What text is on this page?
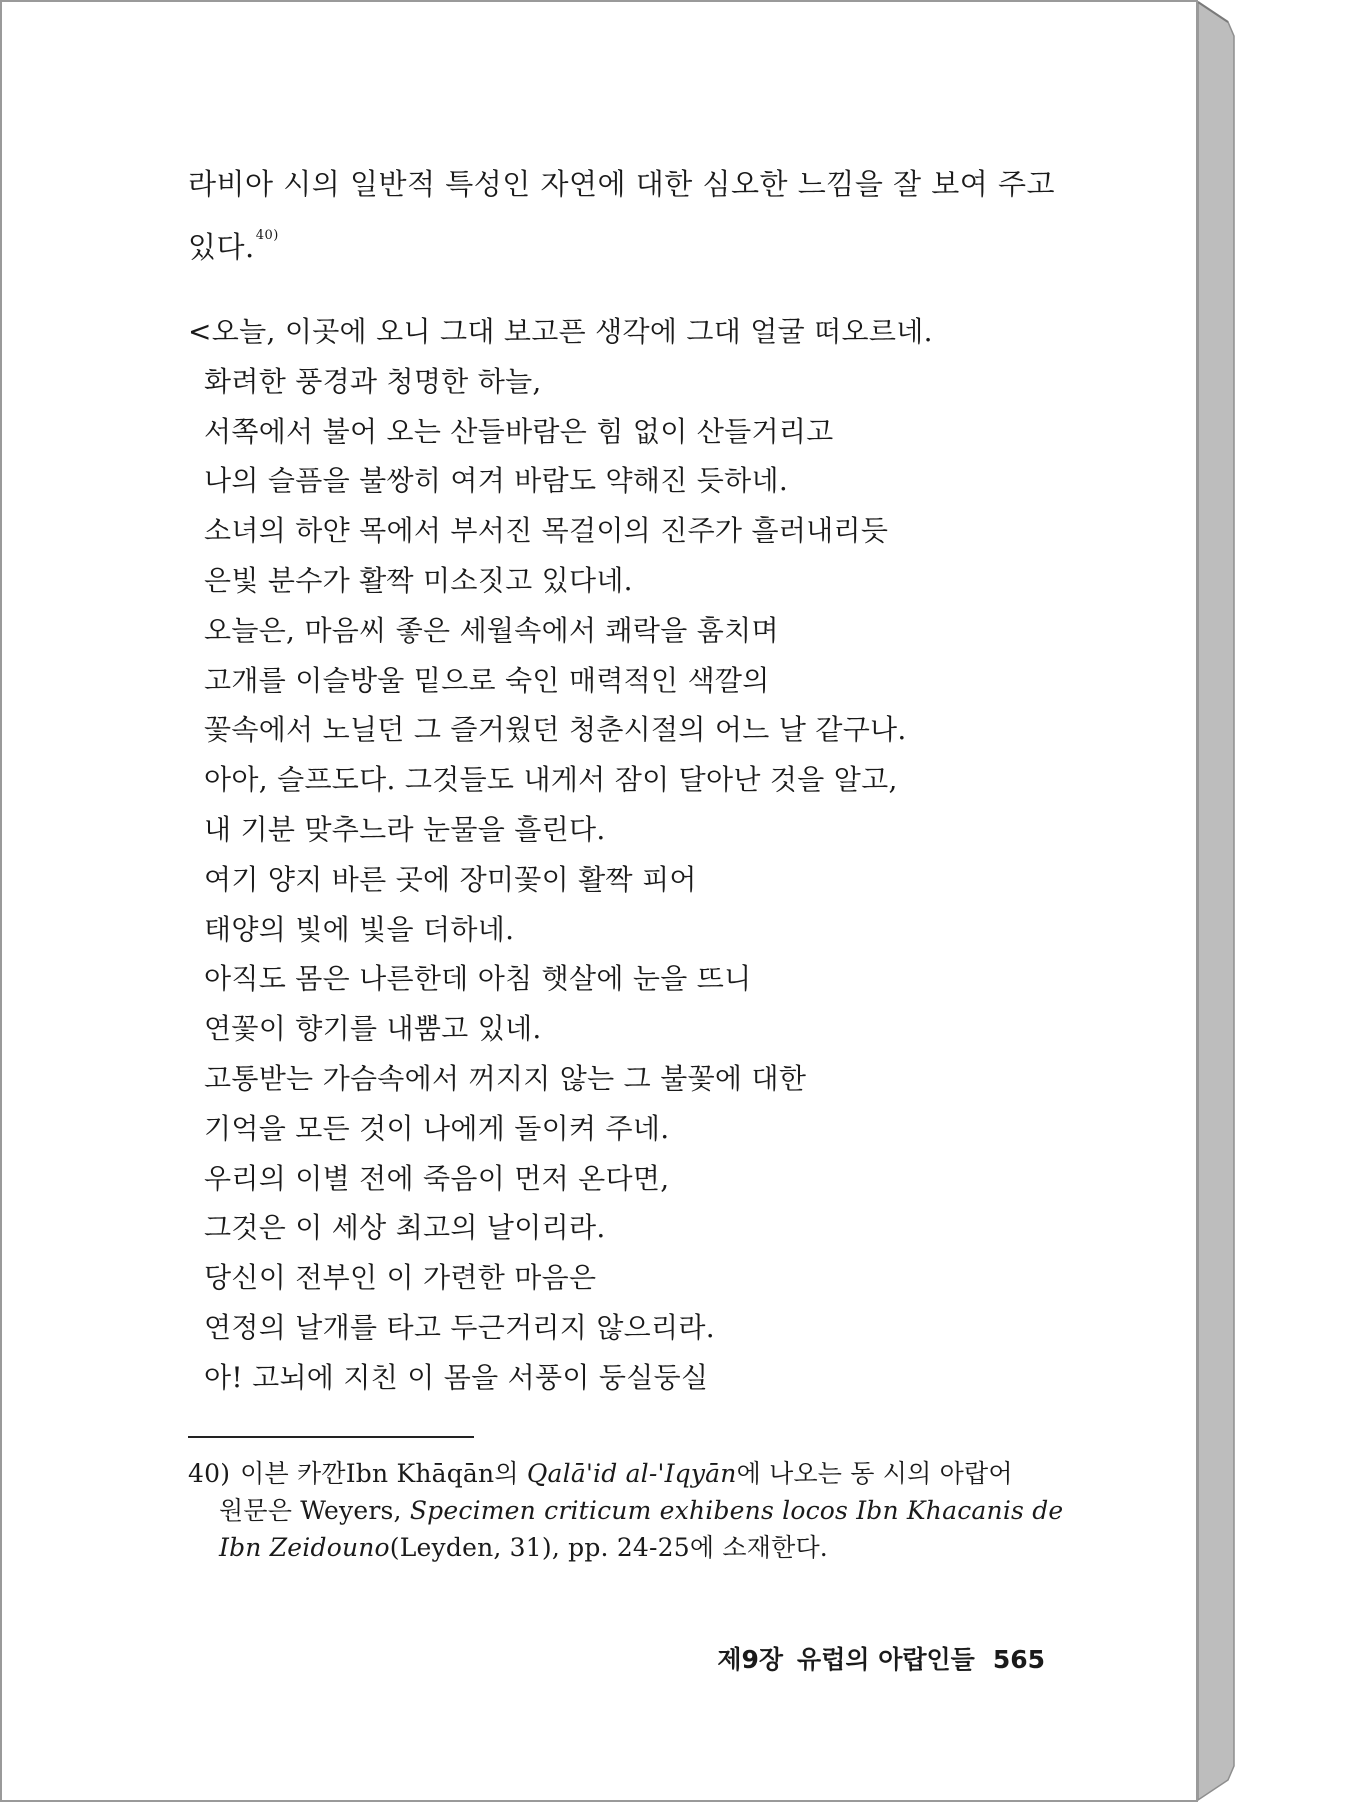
라비아 시의 일반적 특성인 자연에 대한 심오한 느낌을 잘 보여 주고
있다.$^{40)}$
<오늘, 이곳에 오니 그대 보고픈 생각에 그대 얼굴 떠오르네.
화려한 풍경과 청명한 하늘,
서쪽에서 불어 오는 산들바람은 힘 없이 산들거리고
나의 슬픔을 불쌍히 여겨 바람도 약해진 듯하네.
소녀의 하얀 목에서 부서진 목걸이의 진주가 흘러내리듯
은빛 분수가 활짝 미소짓고 있다네.
오늘은, 마음씨 좋은 세월속에서 쾌락을 훔치며
고개를 이슬방울 밑으로 숙인 매력적인 색깔의
꽃속에서 노닐던 그 즐거웠던 청춘시절의 어느 날 같구나.
아아, 슬프도다. 그것들도 내게서 잠이 달아난 것을 알고,
내 기분 맞추느라 눈물을 흘린다.
여기 양지 바른 곳에 장미꽃이 활짝 피어
태양의 빛에 빛을 더하네.
아직도 몸은 나른한데 아침 햇살에 눈을 뜨니
연꽃이 향기를 내뿜고 있네.
고통받는 가슴속에서 꺼지지 않는 그 불꽃에 대한
기억을 모든 것이 나에게 돌이켜 주네.
우리의 이별 전에 죽음이 먼저 온다면,
그것은 이 세상 최고의 날이리라.
당신이 전부인 이 가련한 마음은
연정의 날개를 타고 두근거리지 않으리라.
아! 고뇌에 지친 이 몸을 서풍이 둥실둥실
40) 이븐 카깐Ibn Khāqān의 Qalā'id al-'Iqyān에 나오는 동 시의 아랍어
원문은 Weyers, Specimen criticum exhibens locos Ibn Khacanis de
Ibn Zeidouno(Leyden, 31), pp. 24-25에 소재한다.
제9장 유럽의 아랍인들 565
